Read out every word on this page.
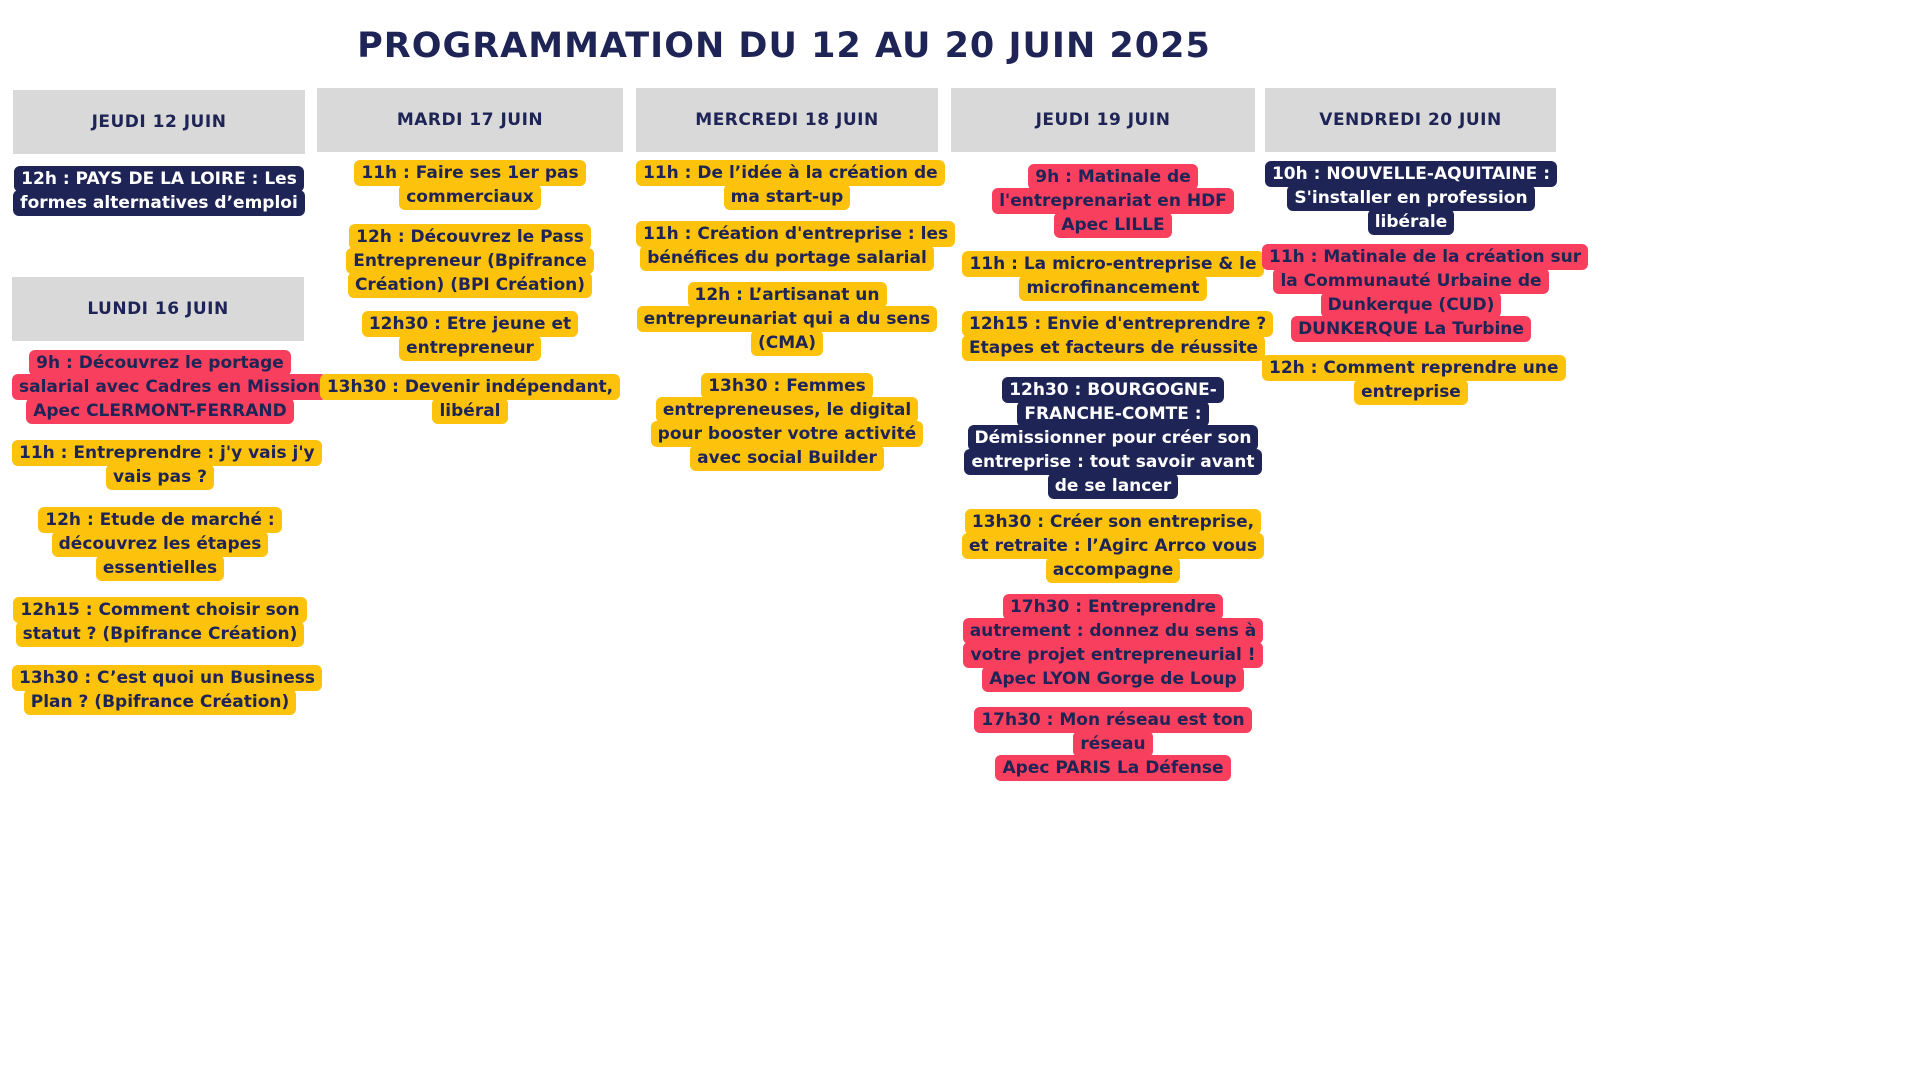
PROGRAMMATION DU 12 AU 20 JUIN 2025
JEUDI 12 JUIN
LUNDI 16 JUIN
MARDI 17 JUIN	MERCREDI 18 JUIN	JEUDI 19 JUIN	VENDREDI 20 JUIN
12h : PAYS DE LA LOIRE : Les
formes alternatives d’emploi
9h : Découvrez le portage
salarial avec Cadres en Mission
Apec CLERMONT-FERRAND
11h : Entreprendre : j'y vais j'y
vais pas ?
12h : Etude de marché :
découvrez les étapes
essentielles
12h15 : Comment choisir son
statut ? (Bpifrance Création)
13h30 : C’est quoi un Business
Plan ? (Bpifrance Création)
11h : Faire ses 1er pas
commerciaux
12h : Découvrez le Pass
Entrepreneur (Bpifrance
Création) (BPI Création)
12h30 : Etre jeune et
entrepreneur
13h30 : Devenir indépendant,
libéral
11h : De l’idée à la création de
ma start-up
11h : Création d'entreprise : les
bénéfices du portage salarial
12h : L’artisanat un
entrepreunariat qui a du sens
(CMA)
13h30 : Femmes
entrepreneuses, le digital
pour booster votre activité
avec social Builder
9h : Matinale de
l'entreprenariat en HDF
Apec LILLE
11h : La micro-entreprise & le
microfinancement
12h15 : Envie d'entreprendre ?
Etapes et facteurs de réussite
12h30 : BOURGOGNE-
FRANCHE-COMTE :
Démissionner pour créer son
entreprise : tout savoir avant
de se lancer
13h30 : Créer son entreprise,
et retraite : l’Agirc Arrco vous
accompagne
17h30 : Entreprendre
autrement : donnez du sens à
votre projet entrepreneurial !
Apec LYON Gorge de Loup
17h30 : Mon réseau est ton
réseau
Apec PARIS La Défense
10h : NOUVELLE-AQUITAINE :
S'installer en profession
libérale
11h : Matinale de la création sur
la Communauté Urbaine de
Dunkerque (CUD)
DUNKERQUE La Turbine
12h : Comment reprendre une
entreprise
